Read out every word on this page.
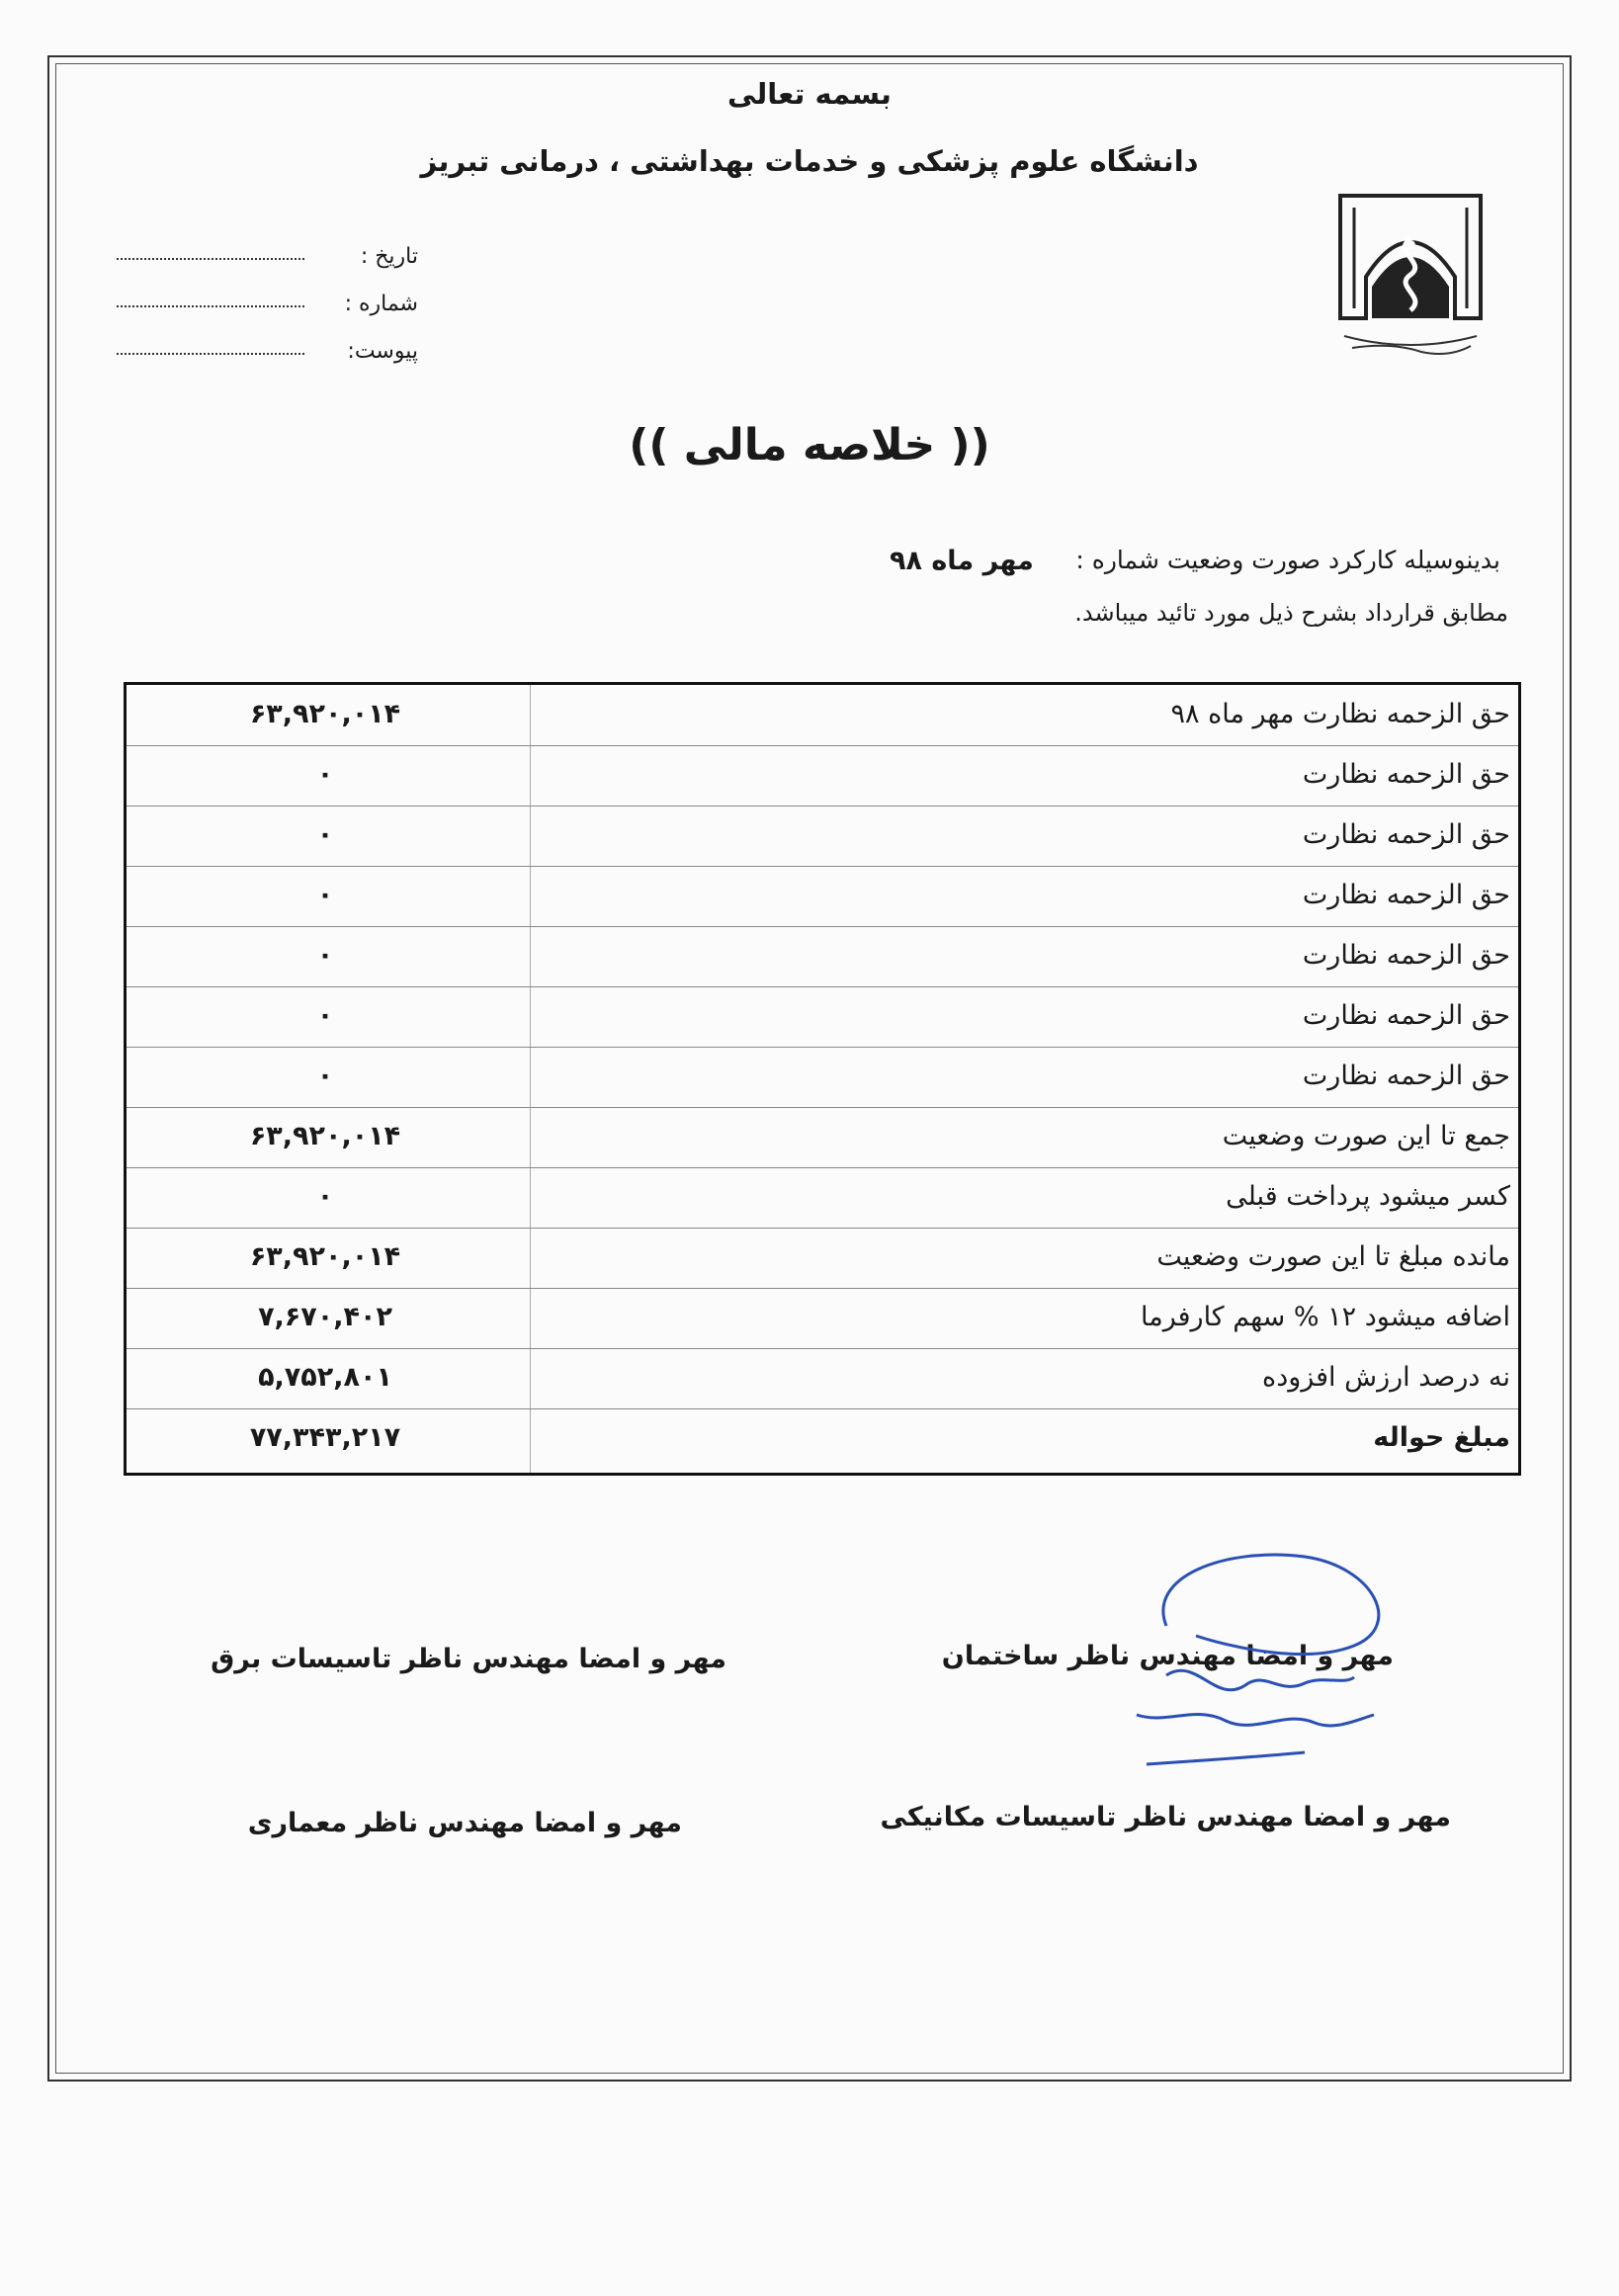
بسمه تعالی
دانشگاه علوم پزشکی و خدمات بهداشتی ، درمانی تبریز
تاریخ :
شماره :
پیوست:
(( خلاصه مالی ))
بدینوسیله کارکرد صورت وضعیت شماره :
مهر ماه ۹۸
مطابق قرارداد بشرح ذیل مورد تائید میباشد.
حق الزحمه نظارت مهر ماه ۹۸
۶۳,۹۲۰,۰۱۴
حق الزحمه نظارت
۰
حق الزحمه نظارت
۰
حق الزحمه نظارت
۰
حق الزحمه نظارت
۰
حق الزحمه نظارت
۰
حق الزحمه نظارت
۰
جمع تا این صورت وضعیت
۶۳,۹۲۰,۰۱۴
کسر میشود پرداخت قبلی
۰
مانده مبلغ تا این صورت وضعیت
۶۳,۹۲۰,۰۱۴
اضافه میشود ۱۲ % سهم کارفرما
۷,۶۷۰,۴۰۲
نه درصد ارزش افزوده
۵,۷۵۲,۸۰۱
مبلغ حواله
۷۷,۳۴۳,۲۱۷
مهر و امضا مهندس ناظر ساختمان
مهر و امضا مهندس ناظر تاسیسات برق
مهر و امضا مهندس ناظر تاسیسات مکانیکی
مهر و امضا مهندس ناظر معماری
